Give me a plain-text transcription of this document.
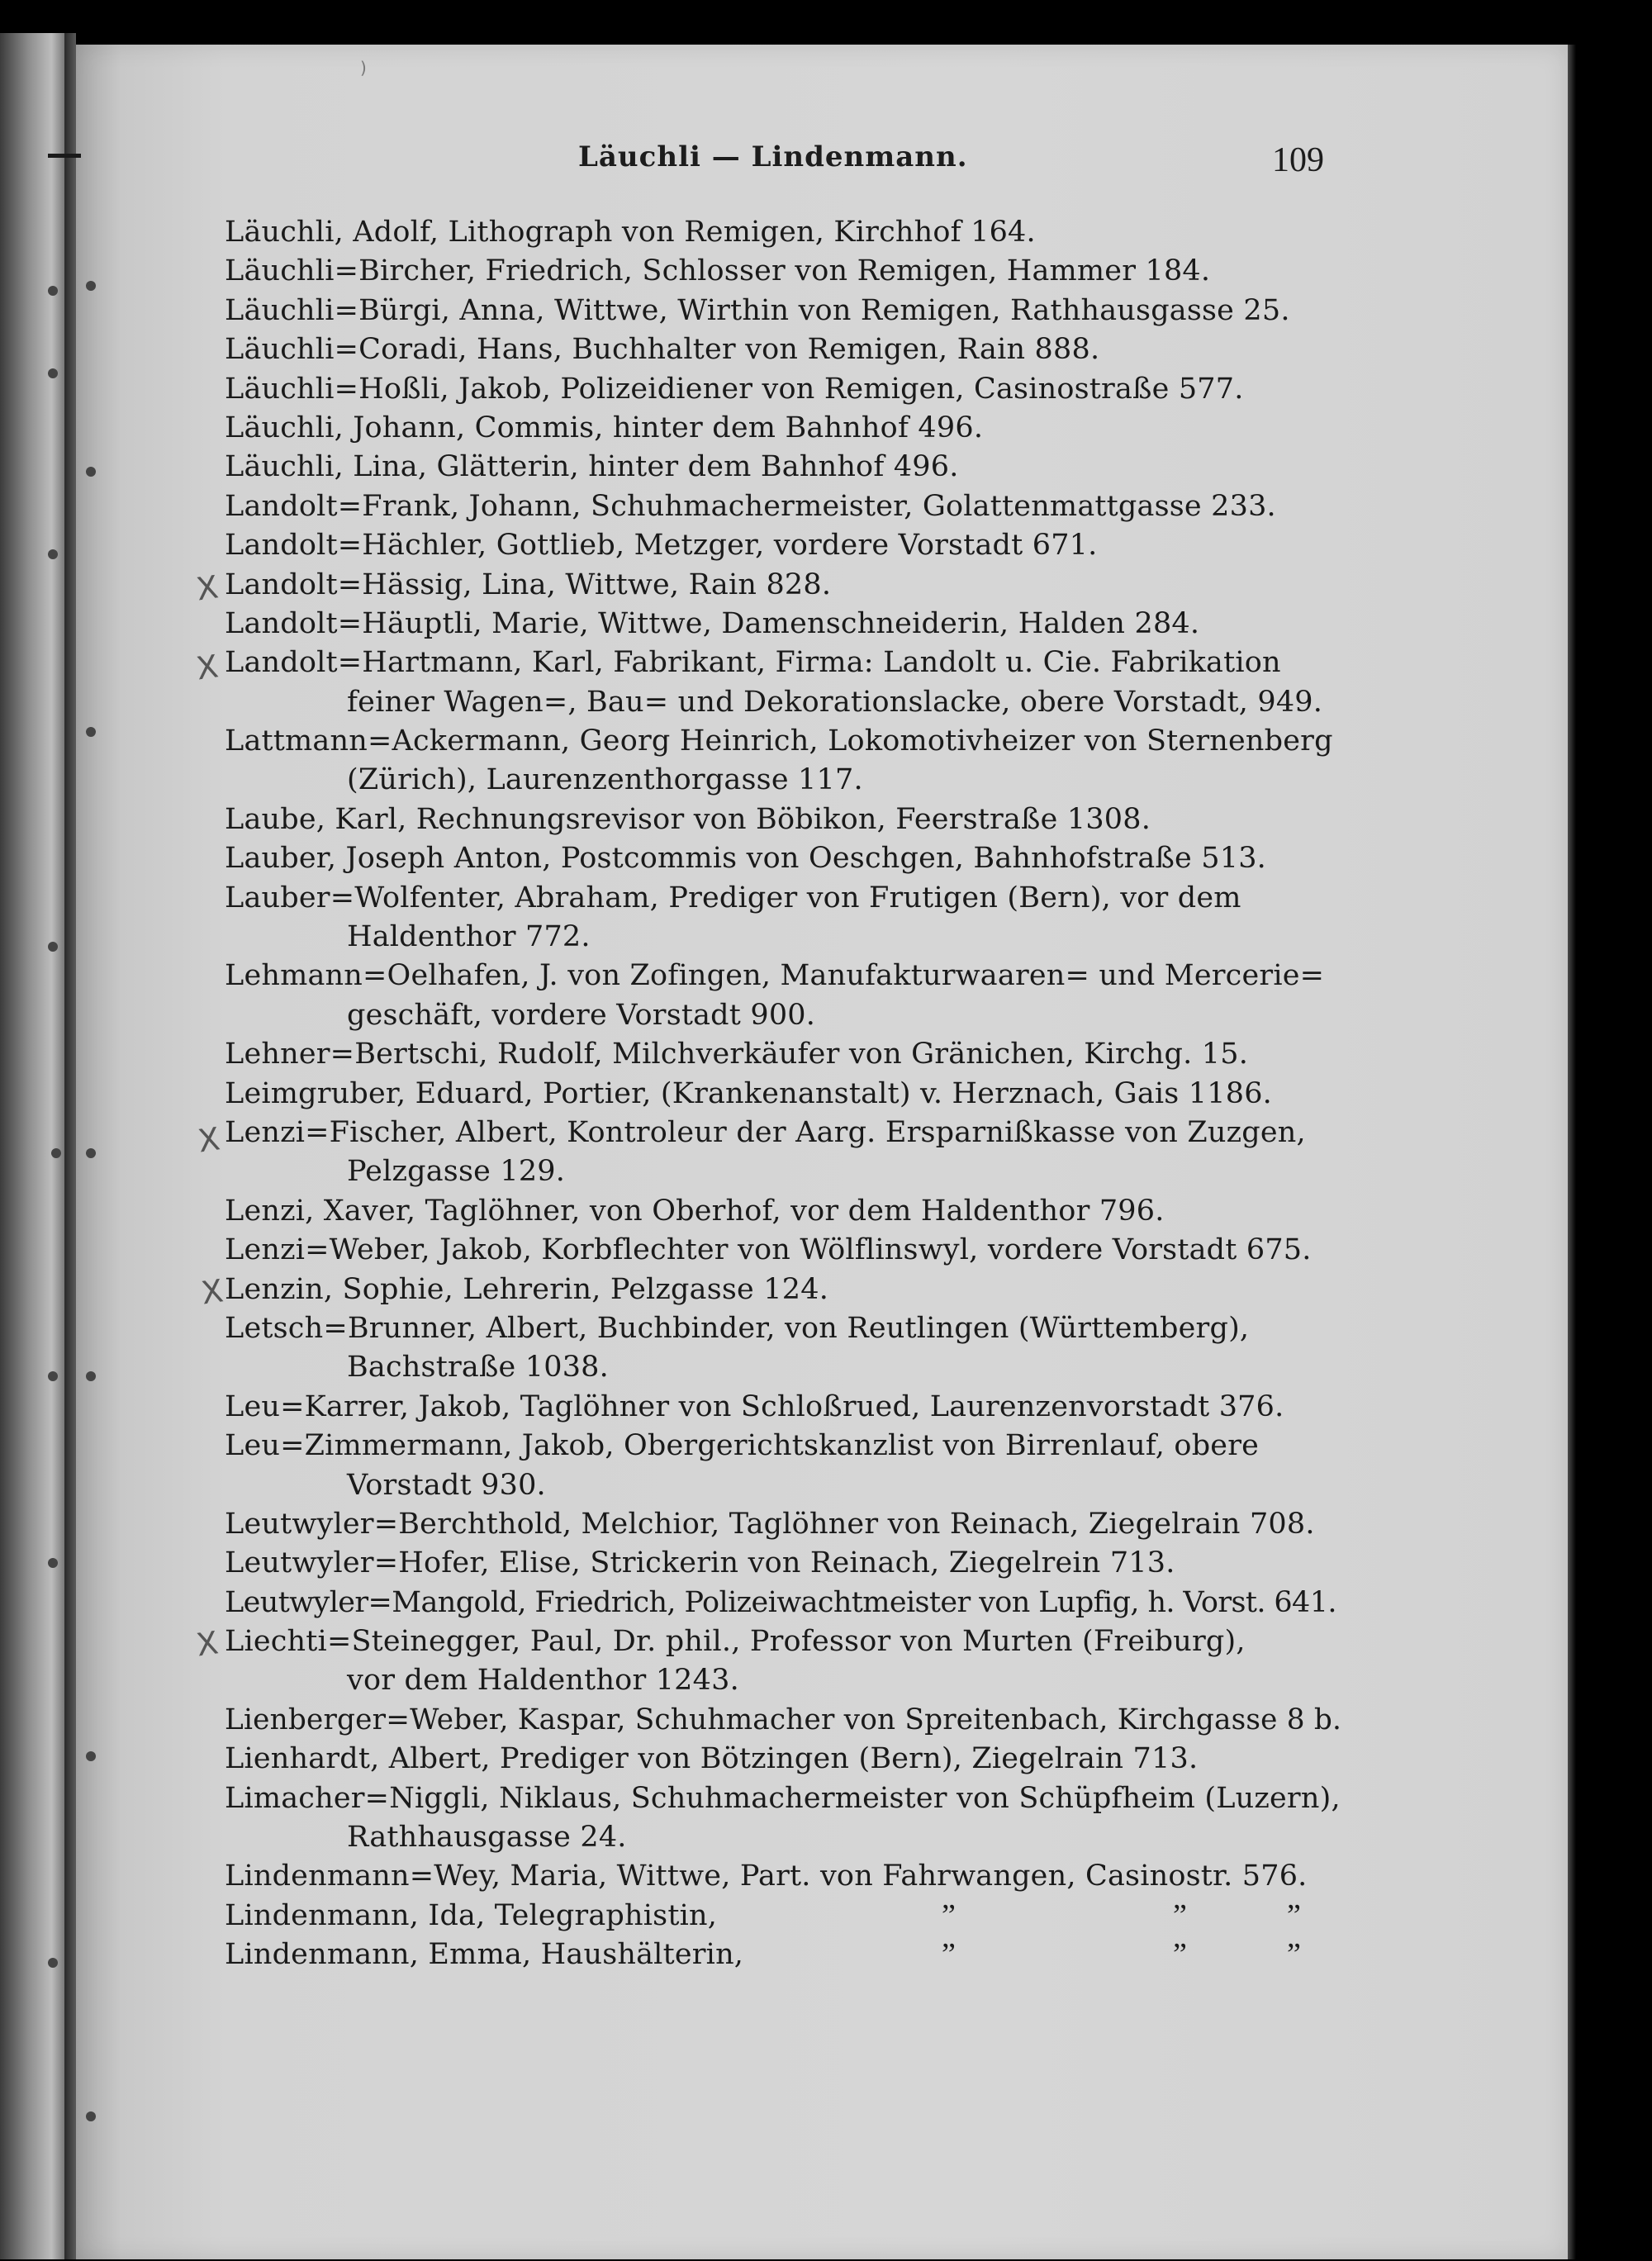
)
Läuchli — Lindenmann.	109
X
X
X
X
X
Läuchli, Adolf, Lithograph von Remigen, Kirchhof 164.
Läuchli=Bircher, Friedrich, Schlosser von Remigen, Hammer 184.
Läuchli=Bürgi, Anna, Wittwe, Wirthin von Remigen, Rathhausgasse 25.
Läuchli=Coradi, Hans, Buchhalter von Remigen, Rain 888.
Läuchli=Hoßli, Jakob, Polizeidiener von Remigen, Casinostraße 577.
Läuchli, Johann, Commis, hinter dem Bahnhof 496.
Läuchli, Lina, Glätterin, hinter dem Bahnhof 496.
Landolt=Frank, Johann, Schuhmachermeister, Golattenmattgasse 233.
Landolt=Hächler, Gottlieb, Metzger, vordere Vorstadt 671.
Landolt=Hässig, Lina, Wittwe, Rain 828.
Landolt=Häuptli, Marie, Wittwe, Damenschneiderin, Halden 284.
Landolt=Hartmann, Karl, Fabrikant, Firma: Landolt u. Cie. Fabrikation
feiner Wagen=, Bau= und Dekorationslacke, obere Vorstadt, 949.
Lattmann=Ackermann, Georg Heinrich, Lokomotivheizer von Sternenberg
(Zürich), Laurenzenthorgasse 117.
Laube, Karl, Rechnungsrevisor von Böbikon, Feerstraße 1308.
Lauber, Joseph Anton, Postcommis von Oeschgen, Bahnhofstraße 513.
Lauber=Wolfenter, Abraham, Prediger von Frutigen (Bern), vor dem
Haldenthor 772.
Lehmann=Oelhafen, J. von Zofingen, Manufakturwaaren= und Mercerie=
geschäft, vordere Vorstadt 900.
Lehner=Bertschi, Rudolf, Milchverkäufer von Gränichen, Kirchg. 15.
Leimgruber, Eduard, Portier, (Krankenanstalt) v. Herznach, Gais 1186.
Lenzi=Fischer, Albert, Kontroleur der Aarg. Ersparnißkasse von Zuzgen,
Pelzgasse 129.
Lenzi, Xaver, Taglöhner, von Oberhof, vor dem Haldenthor 796.
Lenzi=Weber, Jakob, Korbflechter von Wölflinswyl, vordere Vorstadt 675.
Lenzin, Sophie, Lehrerin, Pelzgasse 124.
Letsch=Brunner, Albert, Buchbinder, von Reutlingen (Württemberg),
Bachstraße 1038.
Leu=Karrer, Jakob, Taglöhner von Schloßrued, Laurenzenvorstadt 376.
Leu=Zimmermann, Jakob, Obergerichtskanzlist von Birrenlauf, obere
Vorstadt 930.
Leutwyler=Berchthold, Melchior, Taglöhner von Reinach, Ziegelrain 708.
Leutwyler=Hofer, Elise, Strickerin von Reinach, Ziegelrein 713.
Leutwyler=Mangold, Friedrich, Polizeiwachtmeister von Lupfig, h. Vorst. 641.
Liechti=Steinegger, Paul, Dr. phil., Professor von Murten (Freiburg),
vor dem Haldenthor 1243.
Lienberger=Weber, Kaspar, Schuhmacher von Spreitenbach, Kirchgasse 8 b.
Lienhardt, Albert, Prediger von Bötzingen (Bern), Ziegelrain 713.
Limacher=Niggli, Niklaus, Schuhmachermeister von Schüpfheim (Luzern),
Rathhausgasse 24.
Lindenmann=Wey, Maria, Wittwe, Part. von Fahrwangen, Casinostr. 576.
Lindenmann, Ida, Telegraphistin,	”	”	”
Lindenmann, Emma, Haushälterin,	”	”	”
